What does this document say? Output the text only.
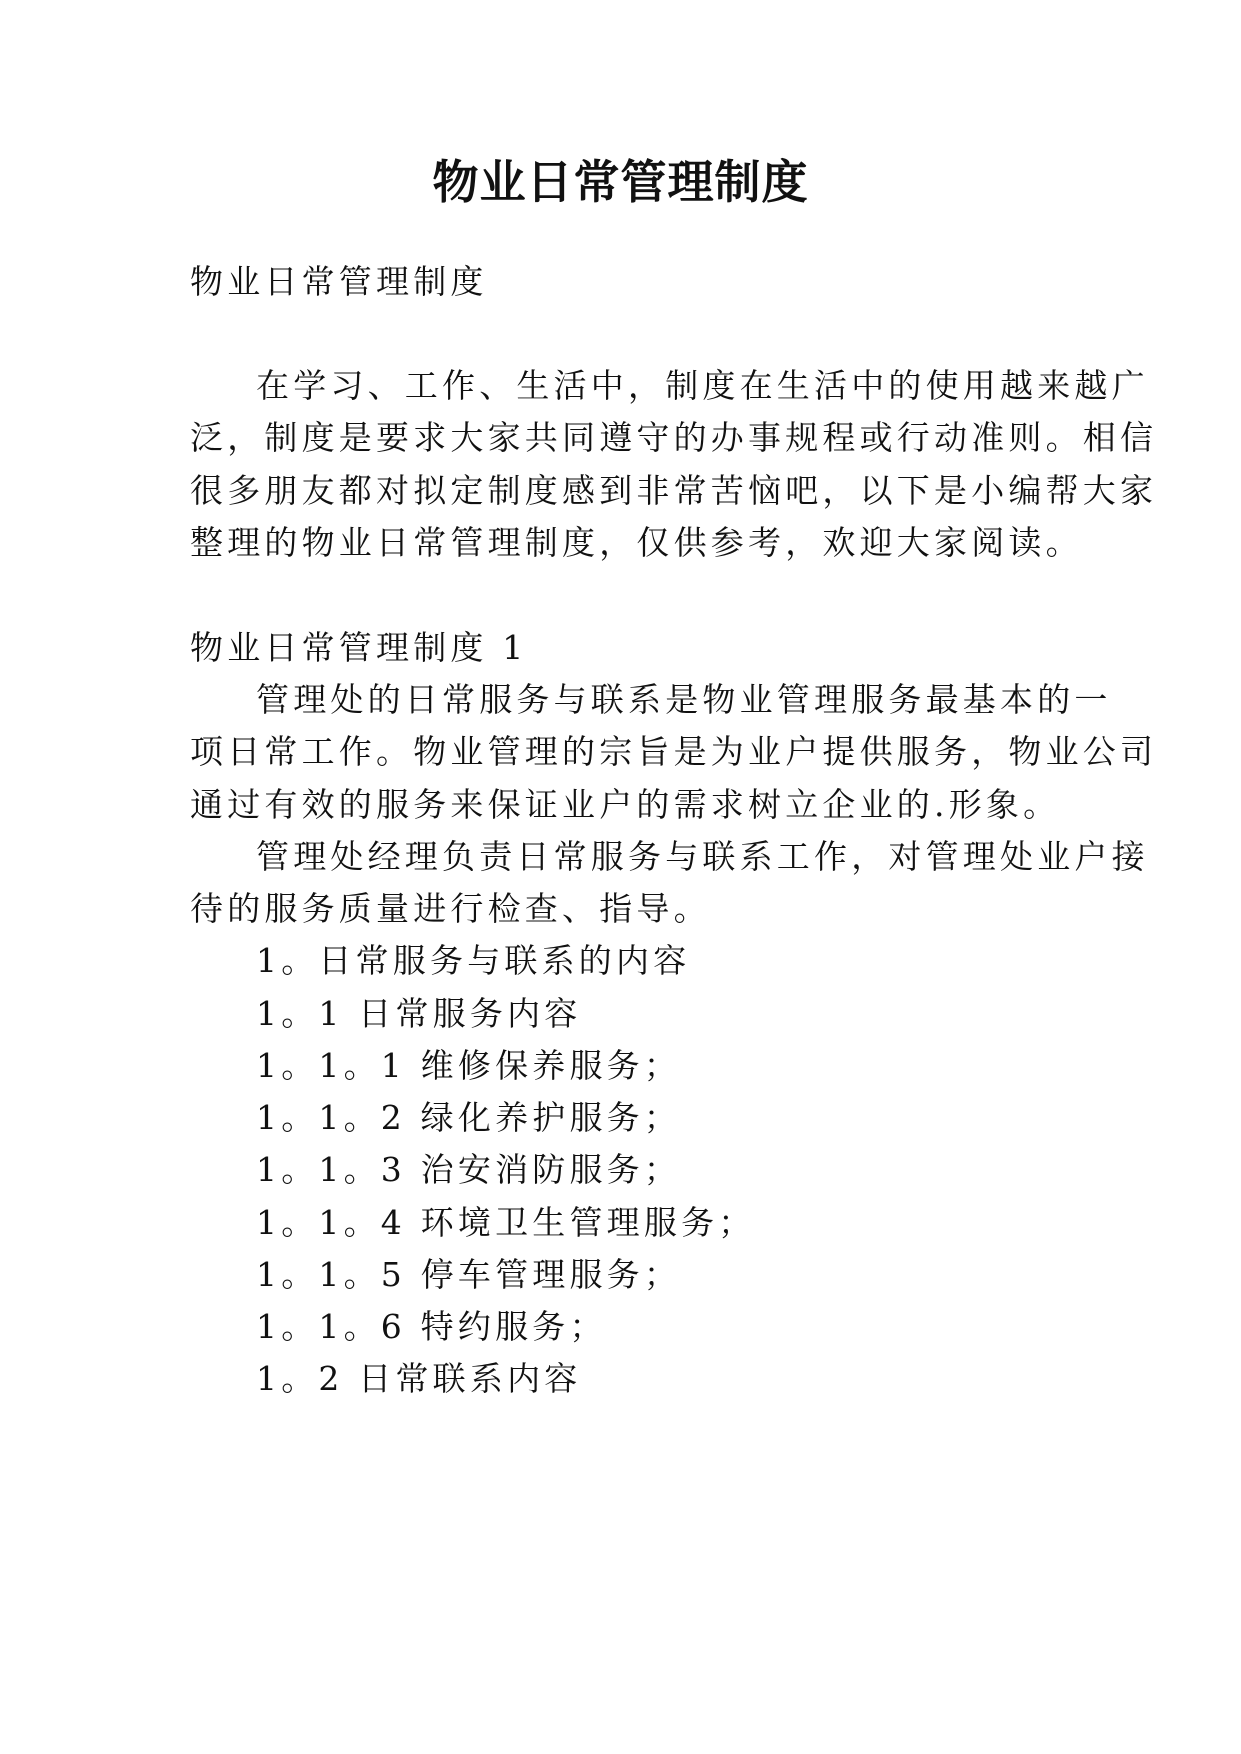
物业日常管理制度

物业日常管理制度

在学习、工作、生活中，制度在生活中的使用越来越广

泛，制度是要求大家共同遵守的办事规程或行动准则。相信

很多朋友都对拟定制度感到非常苦恼吧，以下是小编帮大家

整理的物业日常管理制度，仅供参考，欢迎大家阅读。

物业日常管理制度 1

管理处的日常服务与联系是物业管理服务最基本的一

项日常工作。物业管理的宗旨是为业户提供服务，物业公司

通过有效的服务来保证业户的需求树立企业的.形象。

管理处经理负责日常服务与联系工作，对管理处业户接

待的服务质量进行检查、指导。

1。日常服务与联系的内容

1。1 日常服务内容

1。1。1 维修保养服务；

1。1。2 绿化养护服务；

1。1。3 治安消防服务；

1。1。4 环境卫生管理服务；

1。1。5 停车管理服务；

1。1。6 特约服务；

1。2 日常联系内容
